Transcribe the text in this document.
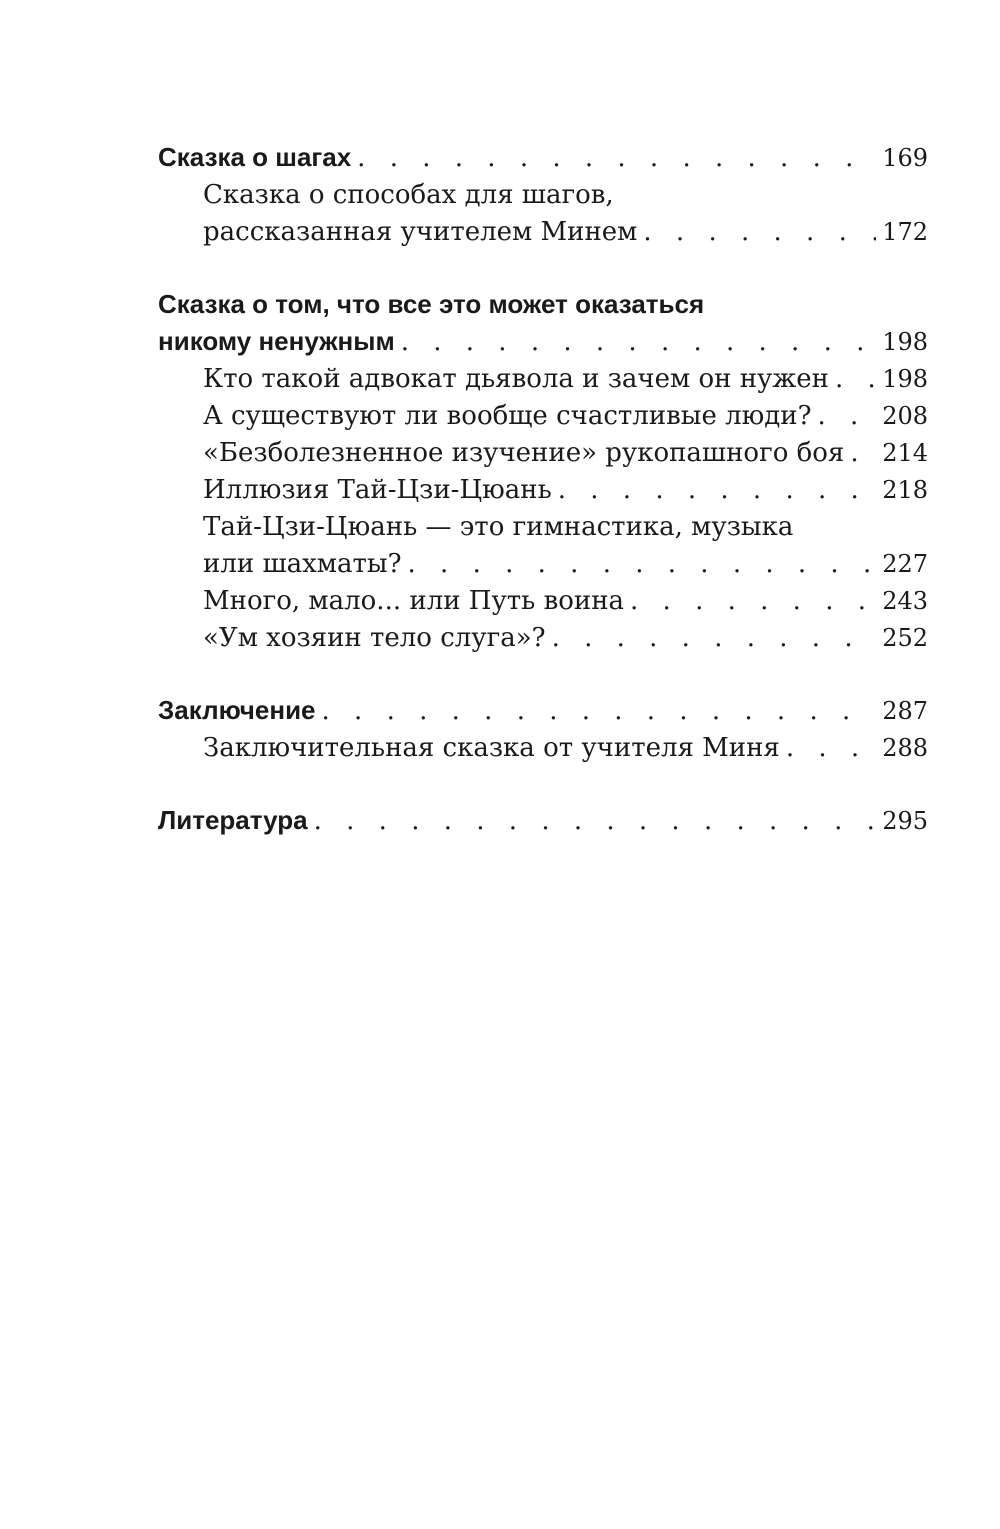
Сказка о шагах . . .	169
Сказка о способах для шагов,
рассказанная учителем Минем . . .	172
Сказка о том, что все это может оказаться
никому ненужным . . .	198
Кто такой адвокат дьявола и зачем он нужен . . . 198
А существуют ли вообще счастливые люди? . . .	208
«Безболезненное изучение» рукопашного боя . . . 214
Иллюзия Тай-Цзи-Цюань . . .	218
Тай-Цзи-Цюань — это гимнастика, музыка
или шахматы? . . .	227
Много, мало... или Путь воина . . .	243
«Ум хозяин тело слуга»? . . .	252
Заключение . . .	287
Заключительная сказка от учителя Миня . . .	288
Литература . . .	295
